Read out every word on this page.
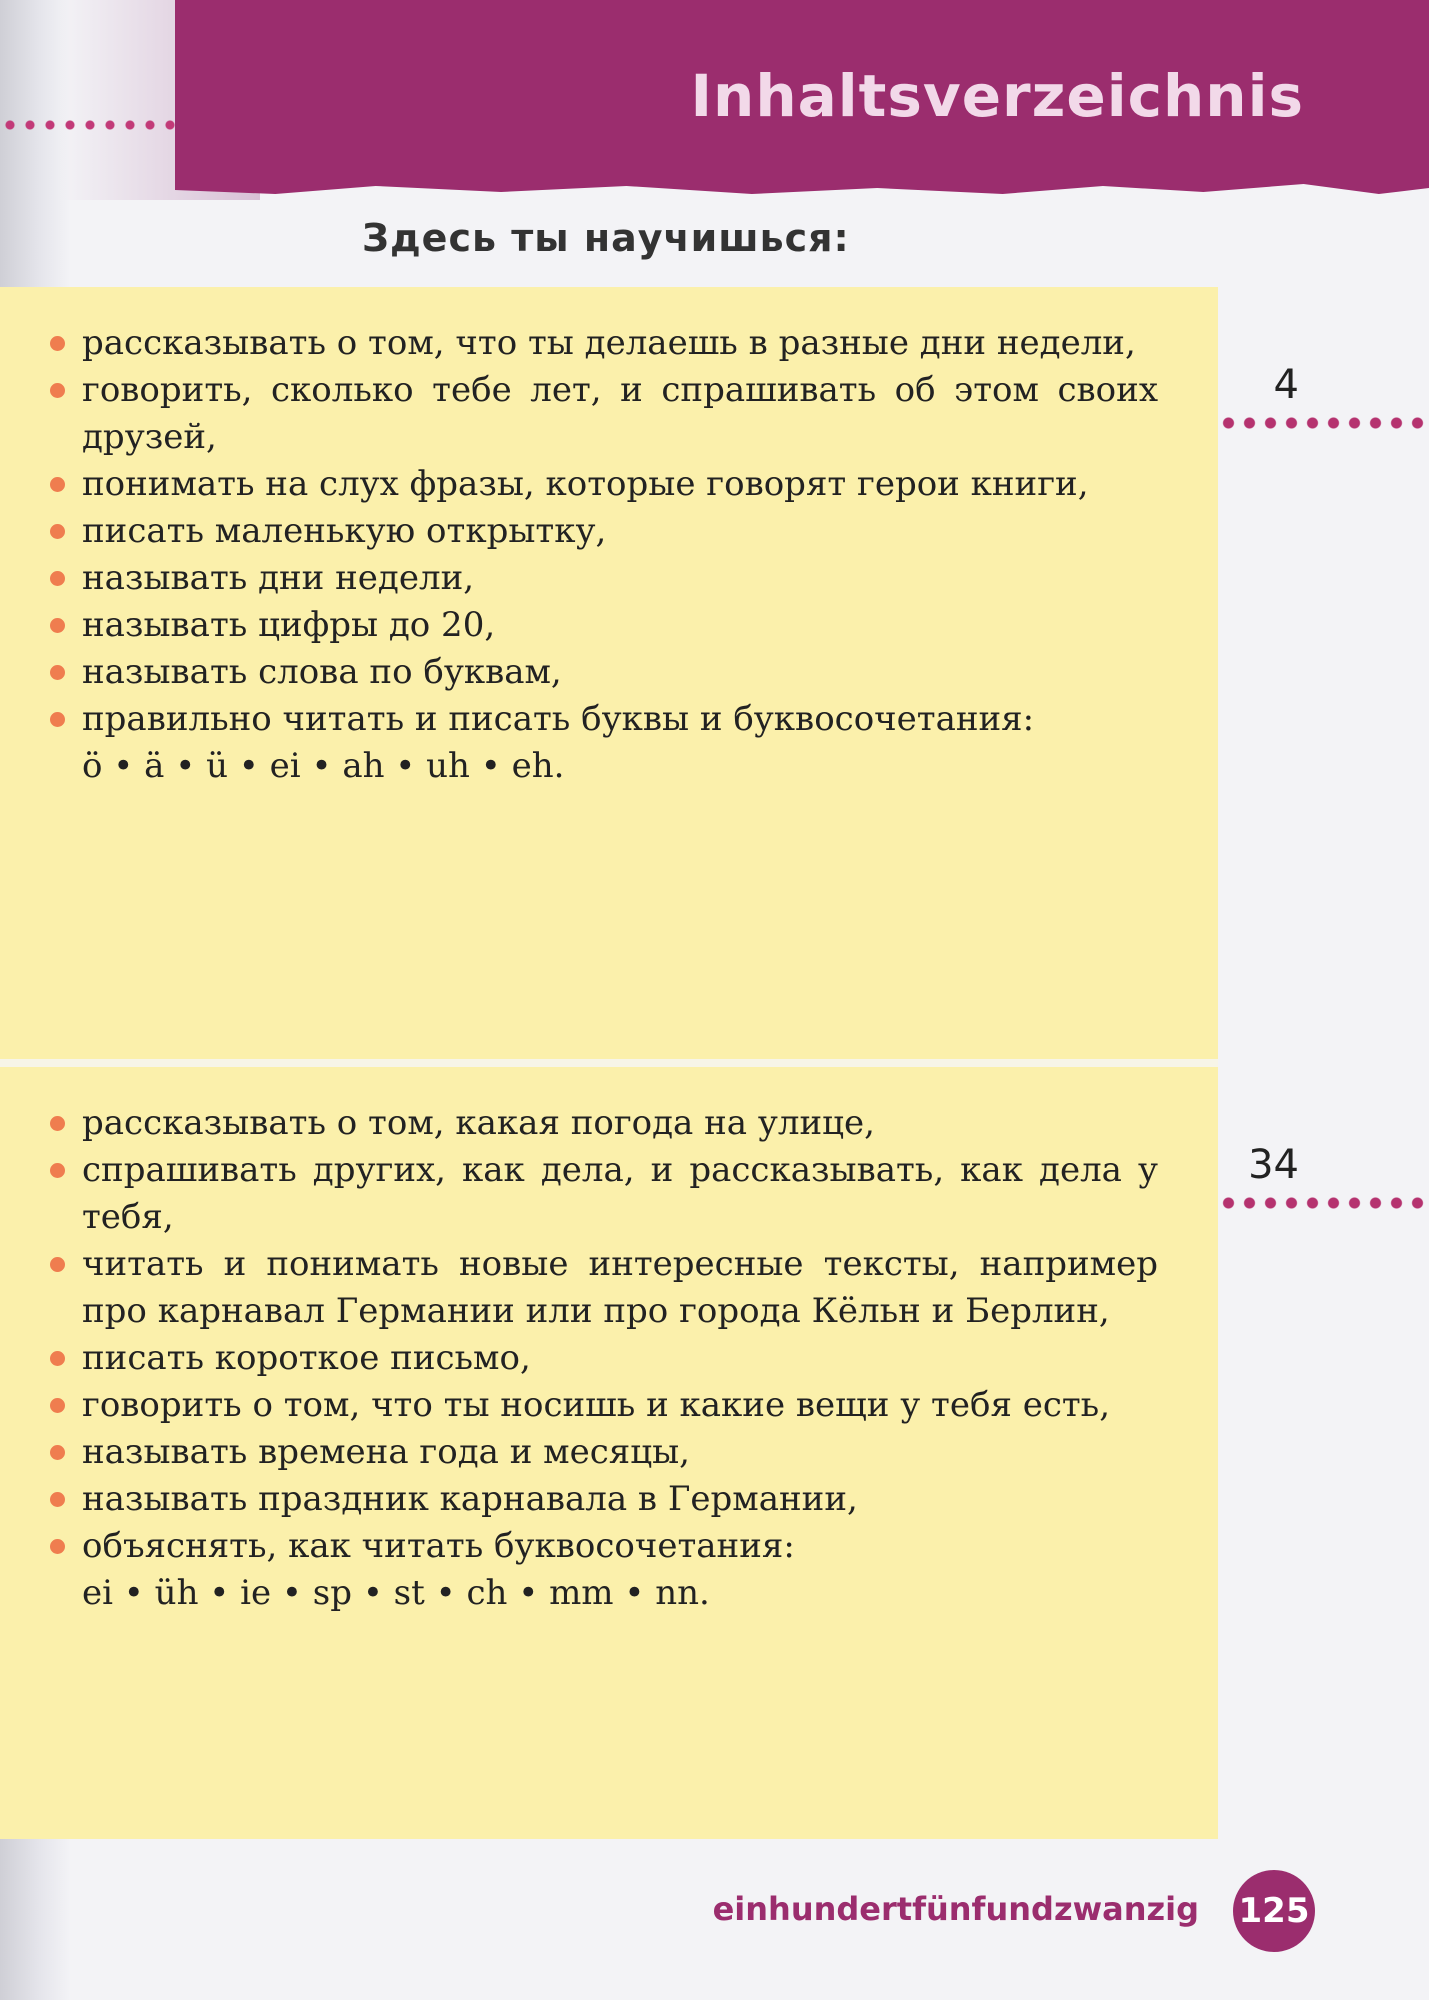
Inhaltsverzeichnis
Здесь ты научишься:
рассказывать о том, что ты делаешь в разные дни недели,
говорить, сколько тебе лет, и спрашивать об этом своих друзей,
понимать на слух фразы, которые говорят герои книги,
писать маленькую открытку,
называть дни недели,
называть цифры до 20,
называть слова по буквам,
правильно читать и писать буквы и буквосочетания:
ö • ä • ü • ei • ah • uh • eh.
4
рассказывать о том, какая погода на улице,
спрашивать других, как дела, и рассказывать, как дела у тебя,
читать и понимать новые интересные тексты, например про карнавал Германии или про города Кёльн и Берлин,
писать короткое письмо,
говорить о том, что ты носишь и какие вещи у тебя есть,
называть времена года и месяцы,
называть праздник карнавала в Германии,
объяснять, как читать буквосочетания:
ei • üh • ie • sp • st • ch • mm • nn.
34
einhundertfünfundzwanzig 125
